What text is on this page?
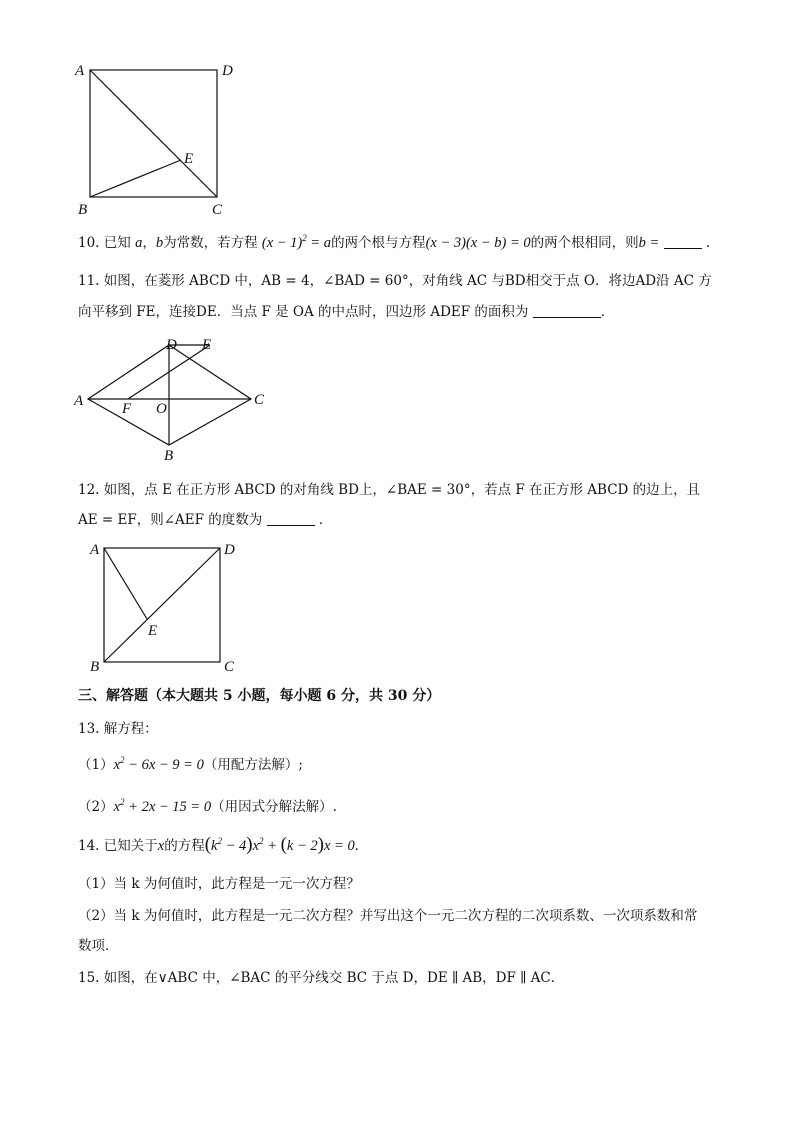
A	D
E
B	C
10. 已知 a，b为常数，若方程 $(x - 1)^2 = a$的两个根与方程(x − 3)(x − b) = 0的两个根相同，则b =	.
11. 如图，在菱形 ABCD 中，AB = 4，∠BAD = 60°，对角线 AC 与BD相交于点 O．将边AD沿 AC 方
向平移到 FE，连接DE．当点 F 是 OA 的中点时，四边形 ADEF 的面积为	．
D E
A	F O
C
B
12. 如图，点 E 在正方形 ABCD 的对角线 BD上，∠BAE = 30°，若点 F 在正方形 ABCD 的边上，且
AE = EF，则∠AEF 的度数为	．
A	D
E
B	C
三、解答题（本大题共 5 小题，每小题 6 分，共 30 分）
13. 解方程：
$(1)x^2 - 6x - 9 = 0$（用配方法解）;
$(2)x^2 + 2x - 15 = 0$（用因式分解法解）.
14. 已知关于x的方程$(k^2 - 4)x^2 + (k - 2)x = 0$．
（1）当 k 为何值时，此方程是一元一次方程？
（2）当 k 为何值时，此方程是一元二次方程？并写出这个一元二次方程的二次项系数、一次项系数和常
数项．
15. 如图，在∨ABC 中，∠BAC 的平分线交 BC 于点 D，DE ∥ AB，DF ∥ AC．
